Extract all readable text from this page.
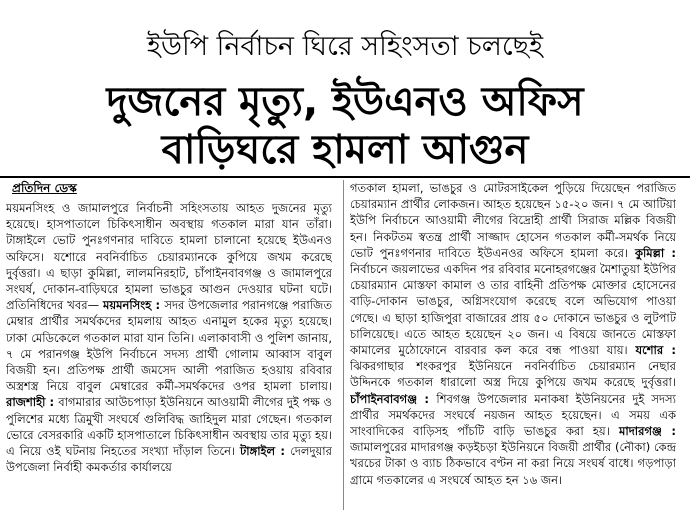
ইউপি নির্বাচন ঘিরে সহিংসতা চলছেই
দুজনের মৃত্যু, ইউএনও অফিস
বাড়িঘরে হামলা আগুন
প্রতিদিন ডেস্ক

ময়মনসিংহ ও জামালপুরে নির্বাচনী সহিংসতায় আহত দুজনের মৃত্যু হয়েছে। হাসপাতালে চিকিৎসাধীন অবস্থায় গতকাল মারা যান তাঁরা। টাঙ্গাইলে ভোট পুনঃগণনার দাবিতে হামলা চালানো হয়েছে ইউএনও অফিসে। যশোরে নবনির্বাচিত চেয়ারম্যানকে কুপিয়ে জখম করেছে দুর্বৃত্তরা। এ ছাড়া কুমিল্লা, লালমনিরহাট, চাঁপাইনবাবগঞ্জ ও জামালপুরে সংঘর্ষ, দোকান-বাড়িঘরে হামলা ভাঙচুর আগুন দেওয়ার ঘটনা ঘটে। প্রতিনিধিদের খবর— ময়মনসিংহ : সদর উপজেলার পরানগঞ্জে পরাজিত মেম্বার প্রার্থীর সমর্থকদের হামলায় আহত এনামুল হকের মৃত্যু হয়েছে। ঢাকা মেডিকেলে গতকাল মারা যান তিনি। এলাকাবাসী ও পুলিশ জানায়, ৭ মে পরানগঞ্জ ইউপি নির্বাচনে সদস্য প্রার্থী গোলাম আব্বাস বাবুল বিজয়ী হন। প্রতিপক্ষ প্রার্থী জমসেদ আলী পরাজিত হওয়ায় রবিবার অস্ত্রশস্ত্র নিয়ে বাবুল মেম্বারের কর্মী-সমর্থকদের ওপর হামলা চালায়। রাজশাহী : বাগমারার আউচপাড়া ইউনিয়নে আওয়ামী লীগের দুই পক্ষ ও পুলিশের মধ্যে ত্রিমুখী সংঘর্ষে গুলিবিদ্ধ জাহিদুল মারা গেছেন। গতকাল ভোরে বেসরকারি একটি হাসপাতালে চিকিৎসাধীন অবস্থায় তার মৃত্যু হয়। এ নিয়ে ওই ঘটনায় নিহতের সংখ্যা দাঁড়াল তিনে। টাঙ্গাইল : দেলদুয়ার উপজেলা নির্বাহী কমকর্তার কার্যালয়ে

গতকাল হামলা, ভাঙচুর ও মোটরসাইকেল পুড়িয়ে দিয়েছেন পরাজিত চেয়ারম্যান প্রার্থীর লোকজন। আহত হয়েছেন ১৫-২০ জন। ৭ মে আটিয়া ইউপি নির্বাচনে আওয়ামী লীগের বিদ্রোহী প্রার্থী সিরাজ মল্লিক বিজয়ী হন। নিকটতম স্বতন্ত্র প্রার্থী সাজ্জাদ হোসেন গতকাল কর্মী-সমর্থক নিয়ে ভোট পুনঃগণনার দাবিতে ইউএনওর অফিসে হামলা করে। কুমিল্লা : নির্বাচনে জয়লাভের একদিন পর রবিবার মনোহরগঞ্জের মৈশাতুয়া ইউপির চেয়ারম্যান মোস্তফা কামাল ও তার বাহিনী প্রতিপক্ষ মোক্তার হোসেনের বাড়ি-দোকান ভাঙচুর, অগ্নিসংযোগ করেছে বলে অভিযোগ পাওয়া গেছে। এ ছাড়া হাজিপুরা বাজারের প্রায় ৫০ দোকানে ভাঙচুর ও লুটপাট চালিয়েছে। এতে আহত হয়েছেন ২০ জন। এ বিষয়ে জানতে মোস্তফা কামালের মুঠোফোনে বারবার কল করে বন্ধ পাওয়া যায়। যশোর : ঝিকরগাছার শংকরপুর ইউনিয়নে নবনির্বাচিত চেয়ারম্যান নেছার উদ্দিনকে গতকাল ধারালো অস্ত্র দিয়ে কুপিয়ে জখম করেছে দুর্বৃত্তরা। চাঁপাইনবাবগঞ্জ : শিবগঞ্জ উপজেলার মনাকষা ইউনিয়নের দুই সদস্য প্রার্থীর সমর্থকদের সংঘর্ষে নয়জন আহত হয়েছেন। এ সময় এক সাংবাদিকের বাড়িসহ পাঁচটি বাড়ি ভাঙচুর করা হয়। মাদারগঞ্জ : জামালপুরের মাদারগঞ্জ কড়ইচড়া ইউনিয়নে বিজয়ী প্রার্থীর (নৌকা) কেন্দ্র খরচের টাকা ও ব্যাচ ঠিকভাবে বণ্টন না করা নিয়ে সংঘর্ষ বাধে। গড়পাড়া গ্রামে গতকালের এ সংঘর্ষে আহত হন ১৬ জন।
